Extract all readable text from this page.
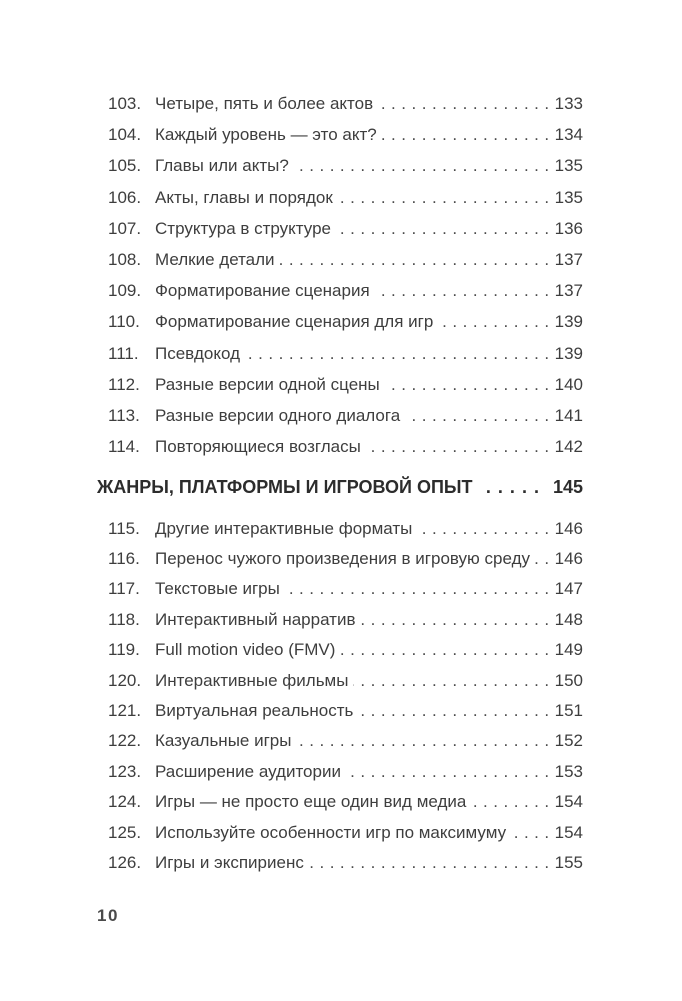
103. Четыре, пять и более актов .....	133
104. Каждый уровень — это акт? .....	134
105. Главы или акты? .....	135
106. Акты, главы и порядок .....	135
107. Структура в структуре .....	136
108. Мелкие детали .....	137
109. Форматирование сценария .....	137
110. Форматирование сценария для игр .....	139
111. Псевдокод .....	139
112. Разные версии одной сцены .....	140
113. Разные версии одного диалога .....	141
114. Повторяющиеся возгласы .....	142
ЖАНРЫ, ПЛАТФОРМЫ И ИГРОВОЙ ОПЫТ .....	145
115. Другие интерактивные форматы .....	146
116. Перенос чужого произведения в игровую среду ..... 146
117. Текстовые игры .....	147
118. Интерактивный нарратив .....	148
119. Full motion video (FMV) .....	149
120. Интерактивные фильмы .....	150
121. Виртуальная реальность .....	151
122. Казуальные игры .....	152
123. Расширение аудитории .....	153
124. Игры — не просто еще один вид медиа .....	154
125. Используйте особенности игр по максимуму .....	154
126. Игры и экспириенс .....	155
10
